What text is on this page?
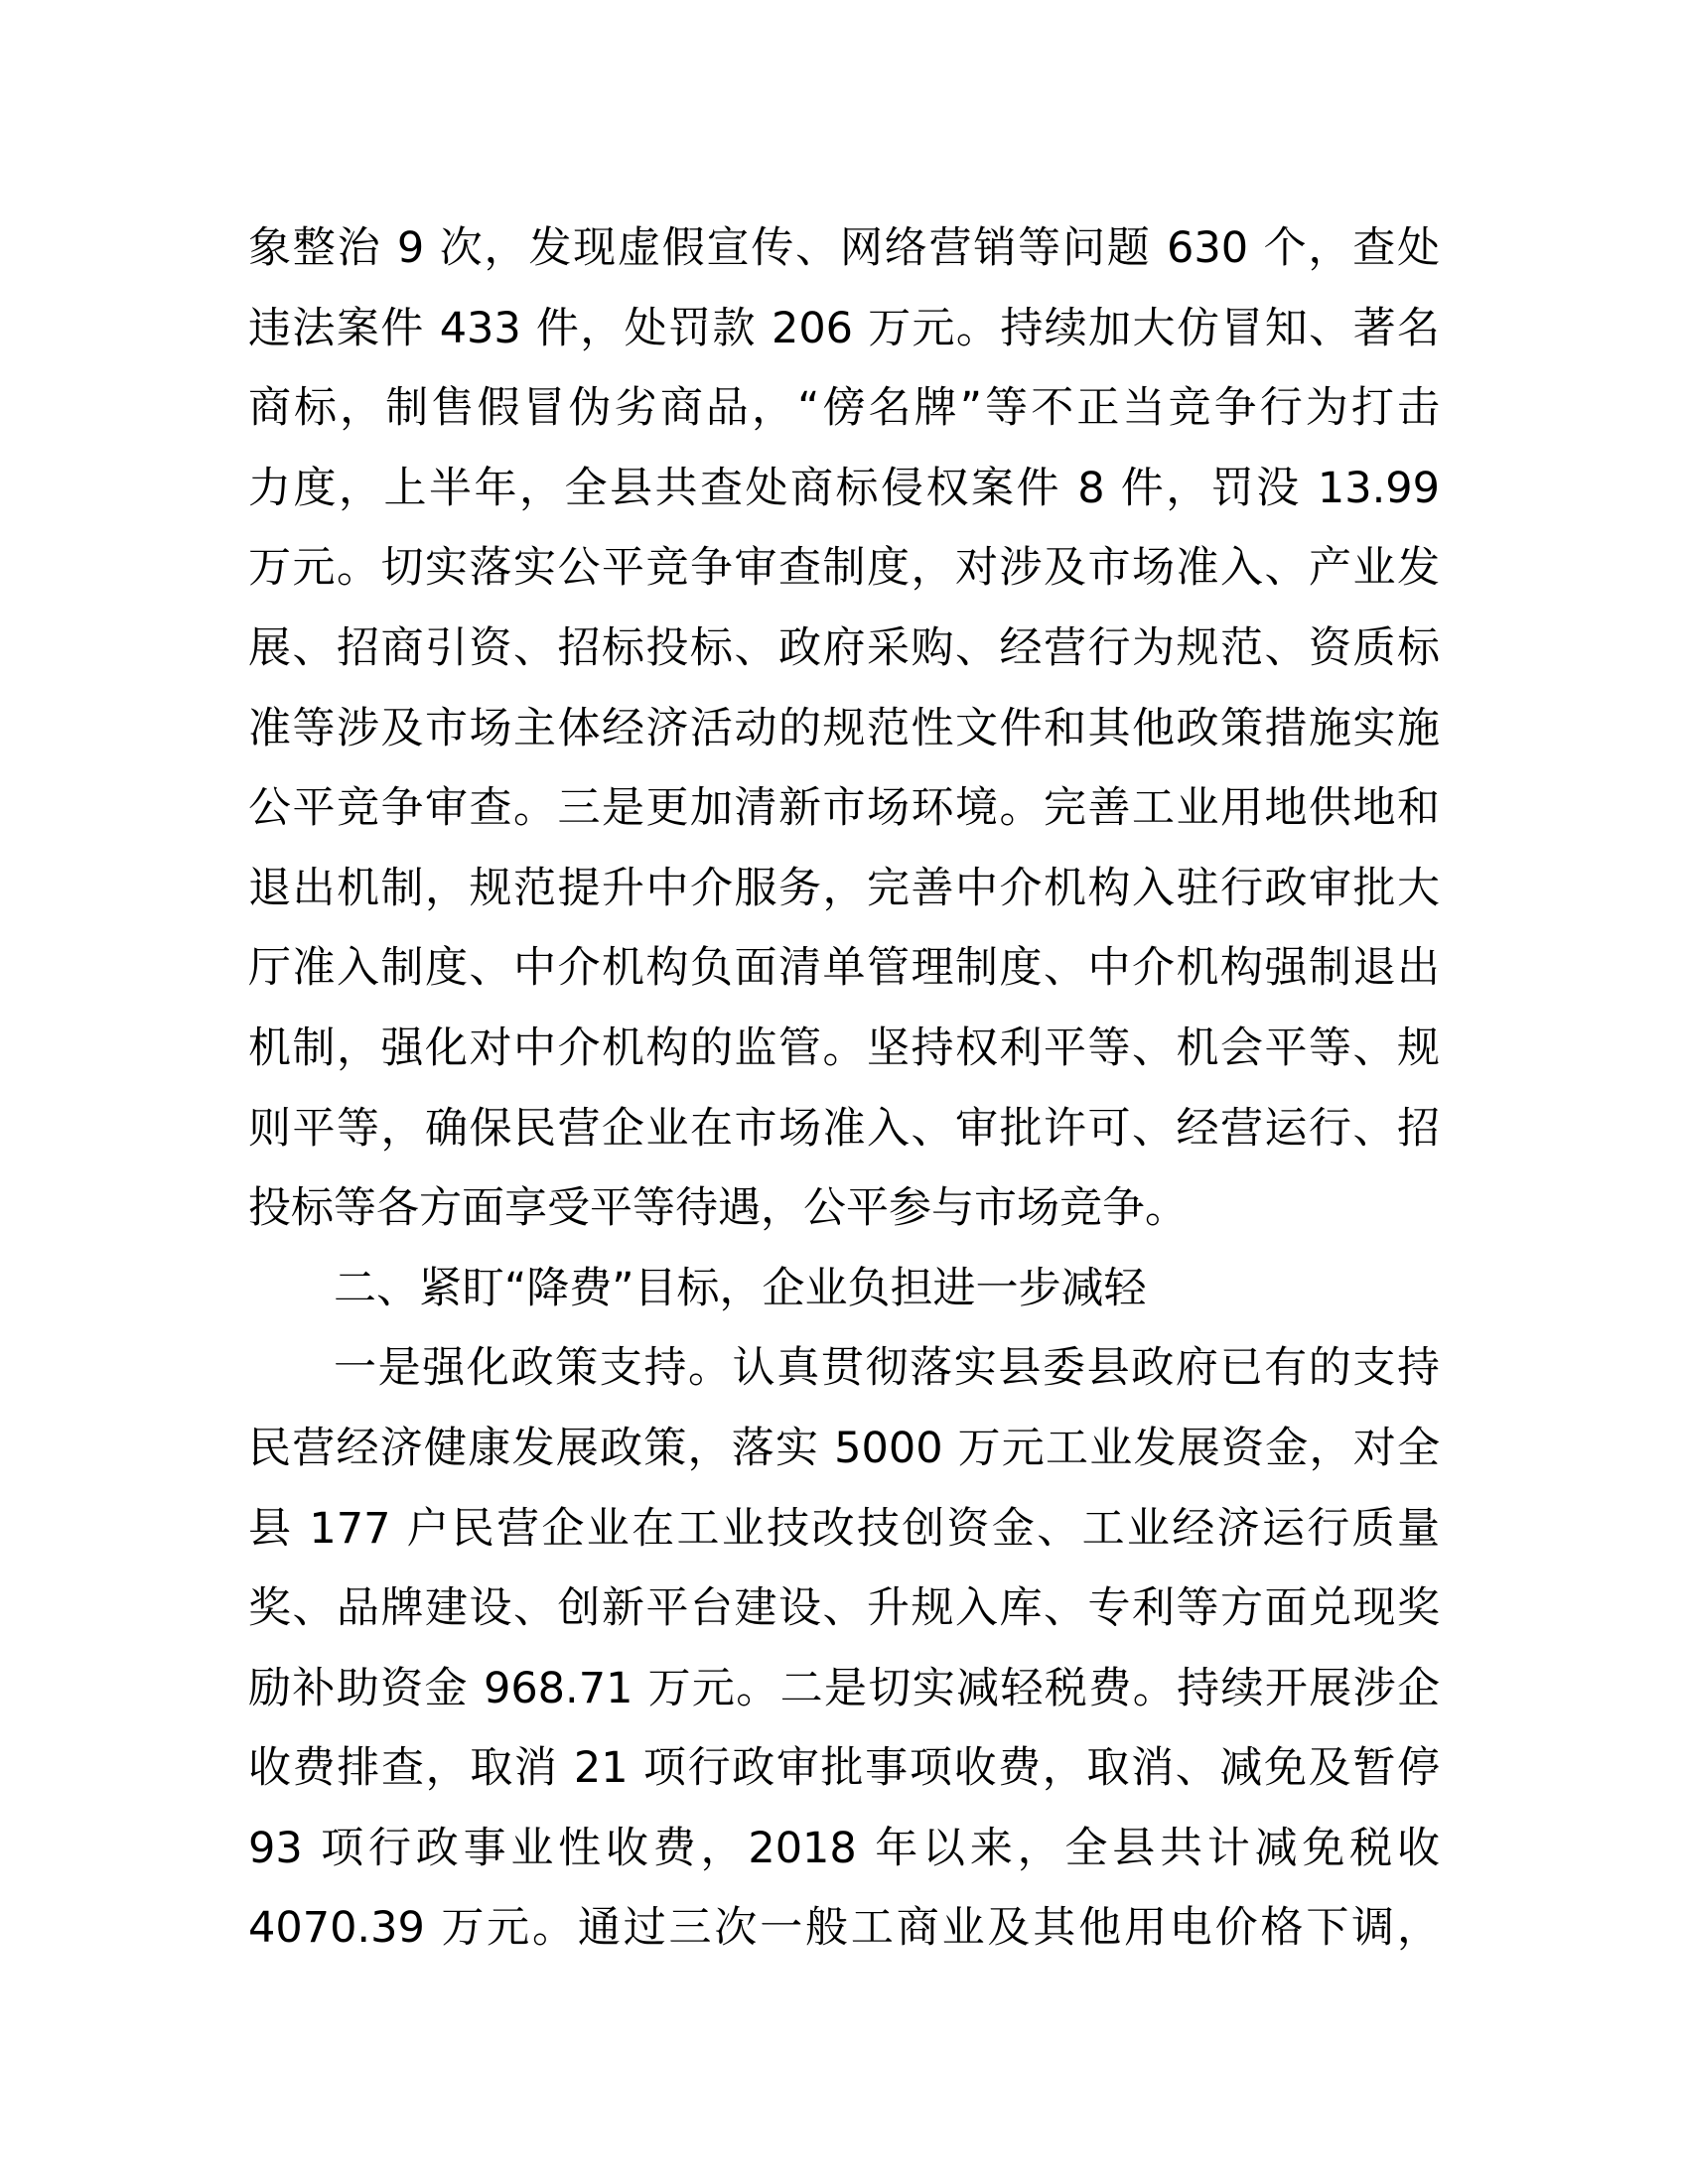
象整治 9 次，发现虚假宣传、网络营销等问题 630 个，查处
违法案件 433 件，处罚款 206 万元。持续加大仿冒知、著名
商标，制售假冒伪劣商品，“傍名牌”等不正当竞争行为打击
力度，上半年，全县共查处商标侵权案件 8 件，罚没 13.99
万元。切实落实公平竞争审查制度，对涉及市场准入、产业发
展、招商引资、招标投标、政府采购、经营行为规范、资质标
准等涉及市场主体经济活动的规范性文件和其他政策措施实施
公平竞争审查。三是更加清新市场环境。完善工业用地供地和
退出机制，规范提升中介服务，完善中介机构入驻行政审批大
厅准入制度、中介机构负面清单管理制度、中介机构强制退出
机制，强化对中介机构的监管。坚持权利平等、机会平等、规
则平等，确保民营企业在市场准入、审批许可、经营运行、招
投标等各方面享受平等待遇，公平参与市场竞争。
二、紧盯“降费”目标，企业负担进一步减轻
一是强化政策支持。认真贯彻落实县委县政府已有的支持
民营经济健康发展政策，落实 5000 万元工业发展资金，对全
县 177 户民营企业在工业技改技创资金、工业经济运行质量
奖、品牌建设、创新平台建设、升规入库、专利等方面兑现奖
励补助资金 968.71 万元。二是切实减轻税费。持续开展涉企
收费排查，取消 21 项行政审批事项收费，取消、减免及暂停
93 项行政事业性收费，2018 年以来，全县共计减免税收
4070.39 万元。通过三次一般工商业及其他用电价格下调，
